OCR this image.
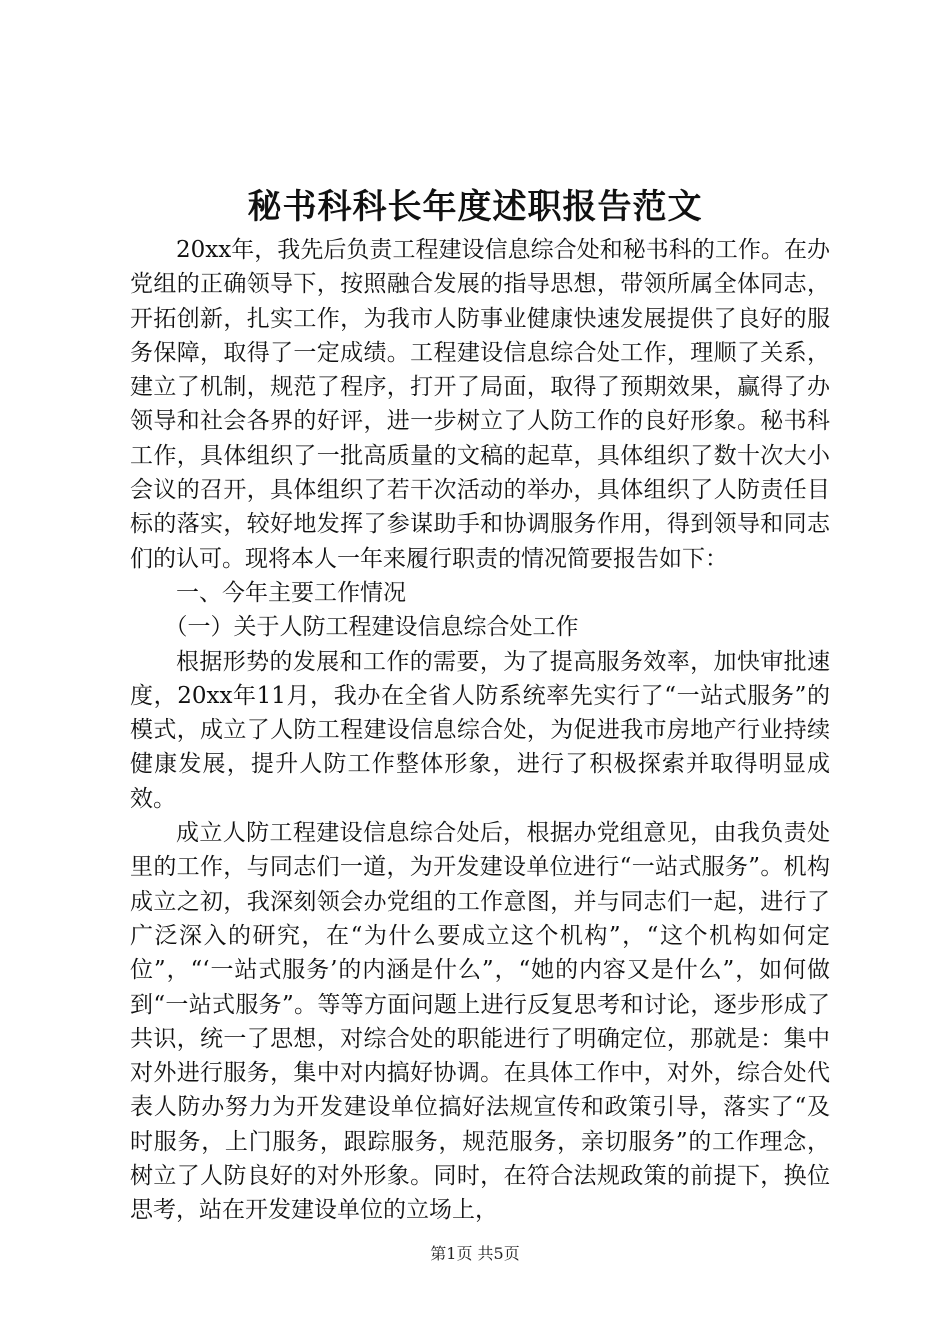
秘书科科长年度述职报告范文

20xx年，我先后负责工程建设信息综合处和秘书科的工作。在办党组的正确领导下，按照融合发展的指导思想，带领所属全体同志，开拓创新，扎实工作，为我市人防事业健康快速发展提供了良好的服务保障，取得了一定成绩。工程建设信息综合处工作，理顺了关系，建立了机制，规范了程序，打开了局面，取得了预期效果，赢得了办领导和社会各界的好评，进一步树立了人防工作的良好形象。秘书科工作，具体组织了一批高质量的文稿的起草，具体组织了数十次大小会议的召开，具体组织了若干次活动的举办，具体组织了人防责任目标的落实，较好地发挥了参谋助手和协调服务作用，得到领导和同志们的认可。现将本人一年来履行职责的情况简要报告如下：

一、今年主要工作情况

（一）关于人防工程建设信息综合处工作

根据形势的发展和工作的需要，为了提高服务效率，加快审批速度，20xx年11月，我办在全省人防系统率先实行了“一站式服务”的模式，成立了人防工程建设信息综合处，为促进我市房地产行业持续健康发展，提升人防工作整体形象，进行了积极探索并取得明显成效。

成立人防工程建设信息综合处后，根据办党组意见，由我负责处里的工作，与同志们一道，为开发建设单位进行“一站式服务”。机构成立之初，我深刻领会办党组的工作意图，并与同志们一起，进行了广泛深入的研究，在“为什么要成立这个机构”，“这个机构如何定位”，“‘一站式服务’的内涵是什么”，“她的内容又是什么”，如何做到“一站式服务”。等等方面问题上进行反复思考和讨论，逐步形成了共识，统一了思想，对综合处的职能进行了明确定位，那就是：集中对外进行服务，集中对内搞好协调。在具体工作中，对外，综合处代表人防办努力为开发建设单位搞好法规宣传和政策引导，落实了“及时服务，上门服务，跟踪服务，规范服务，亲切服务”的工作理念，树立了人防良好的对外形象。同时，在符合法规政策的前提下，换位思考，站在开发建设单位的立场上，

第1页 共5页
